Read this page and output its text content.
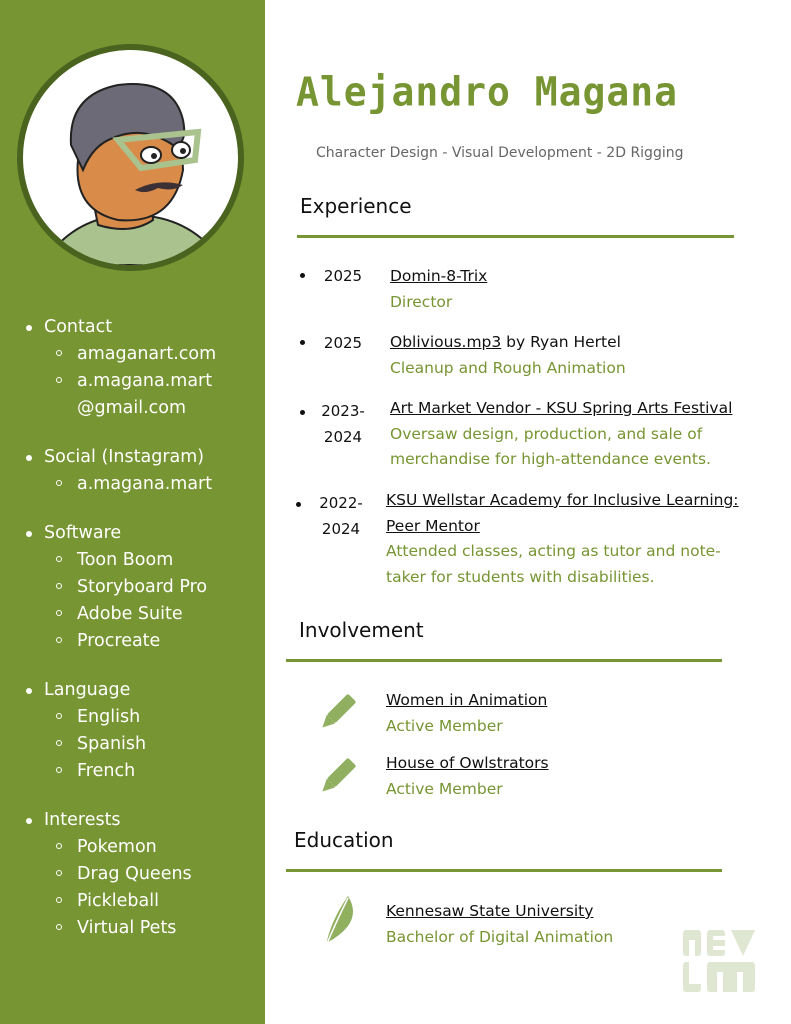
Contact
amaganart.com
a.magana.mart
@gmail.com
Social (Instagram)
a.magana.mart
Software
Toon Boom
Storyboard Pro
Adobe Suite
Procreate
Language
English
Spanish
French
Interests
Pokemon
Drag Queens
Pickleball
Virtual Pets
Alejandro Magana
Character Design - Visual Development - 2D Rigging
Experience
2025	Domin-8-Trix
Director
2025	Oblivious.mp3 by Ryan Hertel
Cleanup and Rough Animation
2023-
2024
Art Market Vendor - KSU Spring Arts Festival
Oversaw design, production, and sale of
merchandise for high-attendance events.
2022-
2024
KSU Wellstar Academy for Inclusive Learning:
Peer Mentor
Attended classes, acting as tutor and note-
taker for students with disabilities.
Involvement
Women in Animation
Active Member
House of Owlstrators
Active Member
Education
Kennesaw State University
Bachelor of Digital Animation
